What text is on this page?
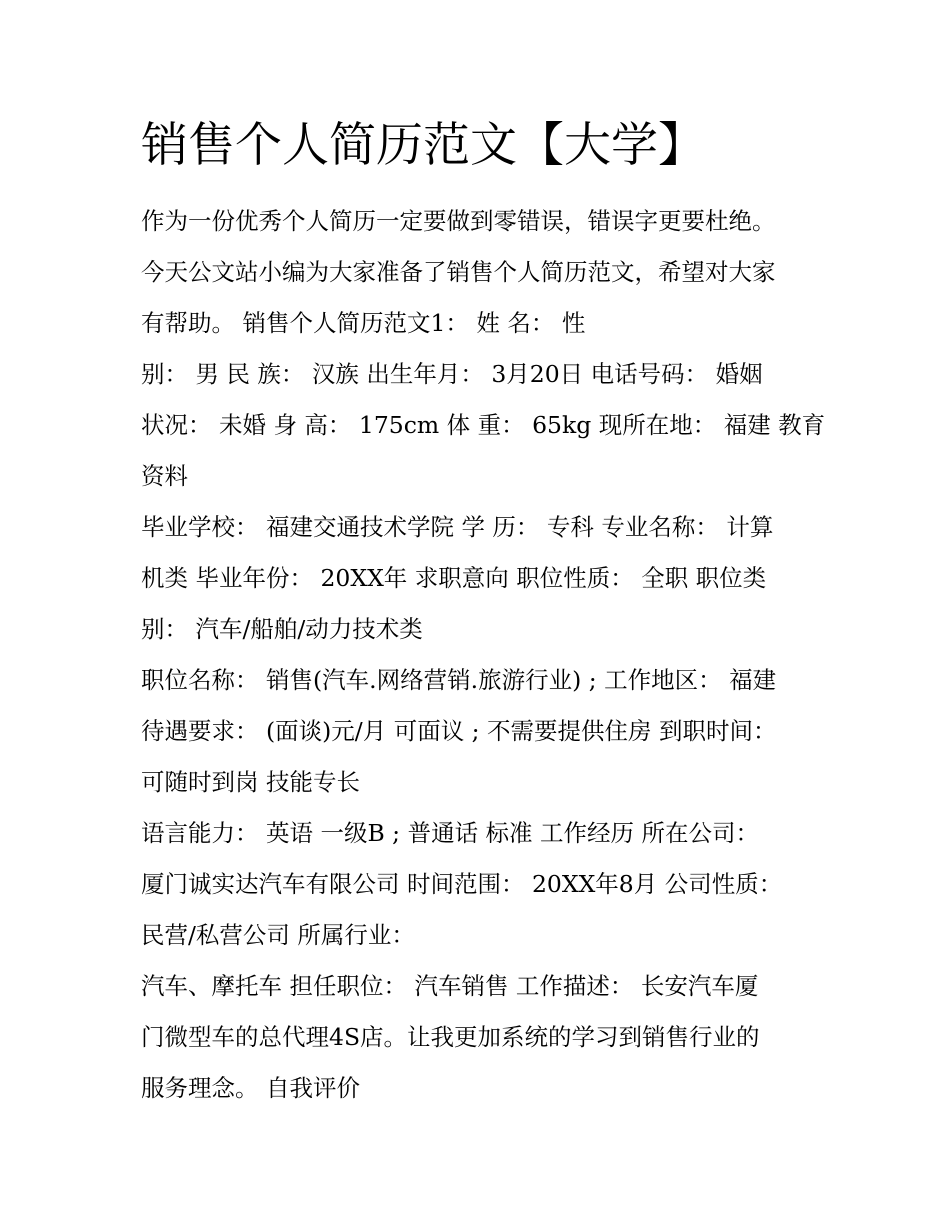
销售个人简历范文【大学】

作为一份优秀个人简历一定要做到零错误，错误字更要杜绝。

今天公文站小编为大家准备了销售个人简历范文，希望对大家

有帮助。 销售个人简历范文1： 姓 名： 性

别： 男 民 族： 汉族 出生年月： 3月20日 电话号码： 婚姻

状况： 未婚 身 高： 175cm 体 重： 65kg 现所在地： 福建 教育

资料

毕业学校： 福建交通技术学院 学 历： 专科 专业名称： 计算

机类 毕业年份： 20XX年 求职意向 职位性质： 全职 职位类

别： 汽车/船舶/动力技术类

职位名称： 销售(汽车.网络营销.旅游行业) ; 工作地区： 福建

待遇要求： (面谈)元/月 可面议 ; 不需要提供住房 到职时间：

可随时到岗 技能专长

语言能力： 英语 一级B ; 普通话 标准 工作经历 所在公司：

厦门诚实达汽车有限公司 时间范围： 20XX年8月 公司性质：

民营/私营公司 所属行业：

汽车、摩托车 担任职位： 汽车销售 工作描述： 长安汽车厦

门微型车的总代理4S店。让我更加系统的学习到销售行业的

服务理念。 自我评价
